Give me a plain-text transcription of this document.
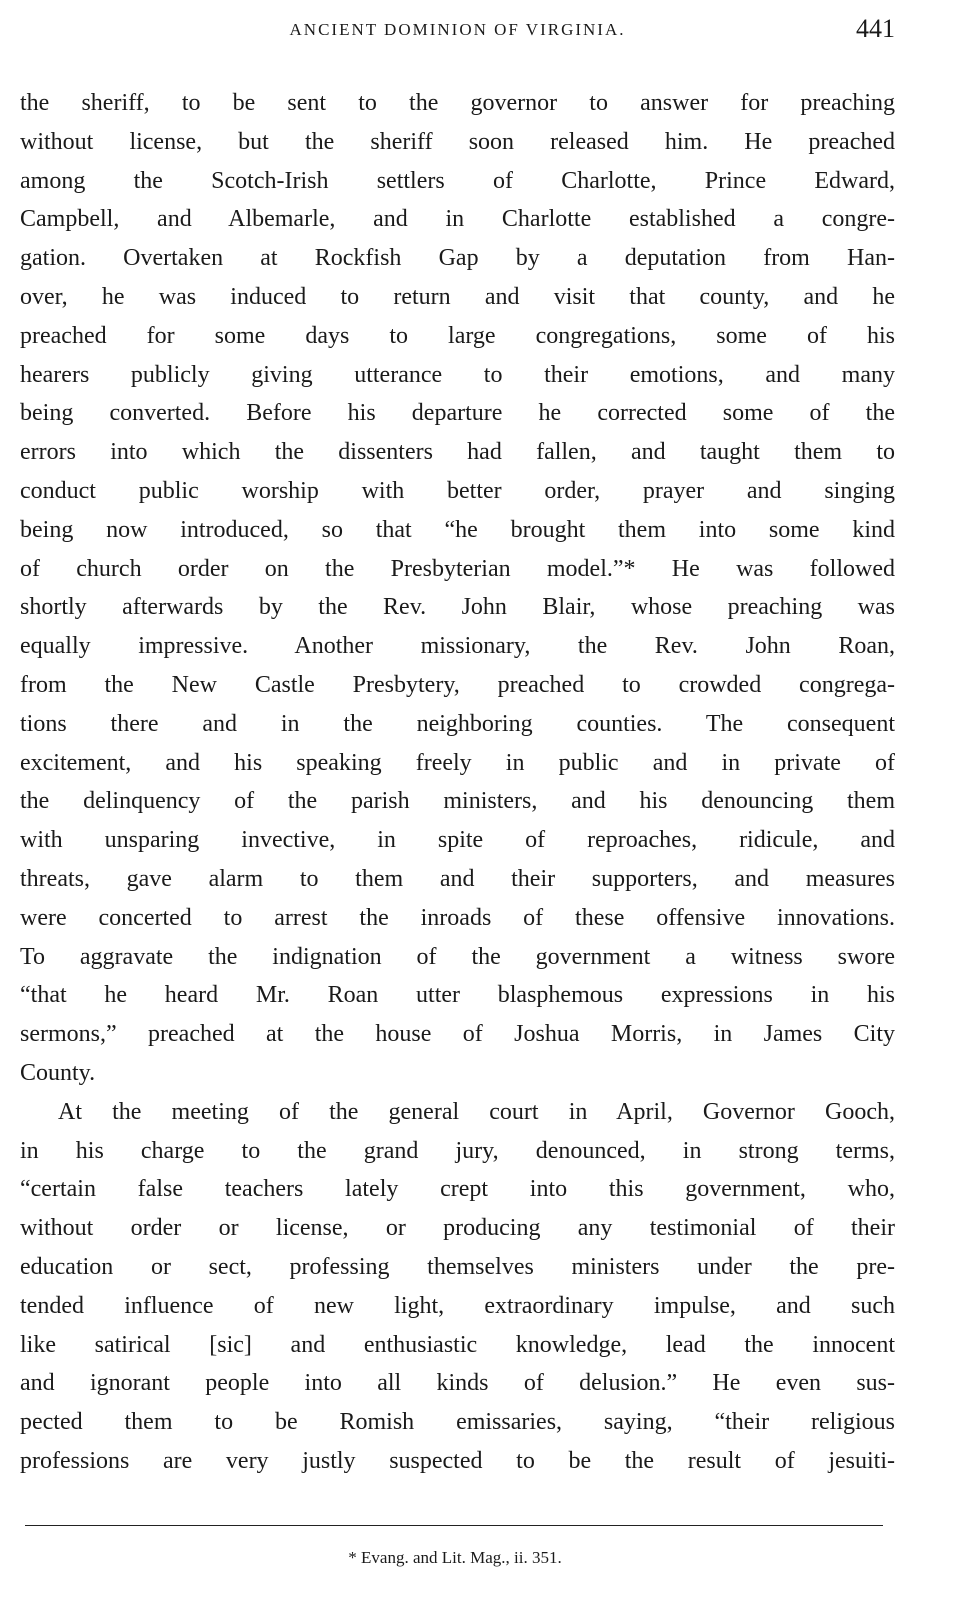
ANCIENT DOMINION OF VIRGINIA.	441
the sheriff, to be sent to the governor to answer for preaching
without license, but the sheriff soon released him. He preached
among the Scotch-Irish settlers of Charlotte, Prince Edward,
Campbell, and Albemarle, and in Charlotte established a congre-
gation. Overtaken at Rockfish Gap by a deputation from Han-
over, he was induced to return and visit that county, and he
preached for some days to large congregations, some of his
hearers publicly giving utterance to their emotions, and many
being converted. Before his departure he corrected some of the
errors into which the dissenters had fallen, and taught them to
conduct public worship with better order, prayer and singing
being now introduced, so that “he brought them into some kind
of church order on the Presbyterian model.”* He was followed
shortly afterwards by the Rev. John Blair, whose preaching was
equally impressive. Another missionary, the Rev. John Roan,
from the New Castle Presbytery, preached to crowded congrega-
tions there and in the neighboring counties. The consequent
excitement, and his speaking freely in public and in private of
the delinquency of the parish ministers, and his denouncing them
with unsparing invective, in spite of reproaches, ridicule, and
threats, gave alarm to them and their supporters, and measures
were concerted to arrest the inroads of these offensive innovations.
To aggravate the indignation of the government a witness swore
“that he heard Mr. Roan utter blasphemous expressions in his
sermons,” preached at the house of Joshua Morris, in James City
County.
At the meeting of the general court in April, Governor Gooch,
in his charge to the grand jury, denounced, in strong terms,
“certain false teachers lately crept into this government, who,
without order or license, or producing any testimonial of their
education or sect, professing themselves ministers under the pre-
tended influence of new light, extraordinary impulse, and such
like satirical [sic] and enthusiastic knowledge, lead the innocent
and ignorant people into all kinds of delusion.” He even sus-
pected them to be Romish emissaries, saying, “their religious
professions are very justly suspected to be the result of jesuiti-
* Evang. and Lit. Mag., ii. 351.
